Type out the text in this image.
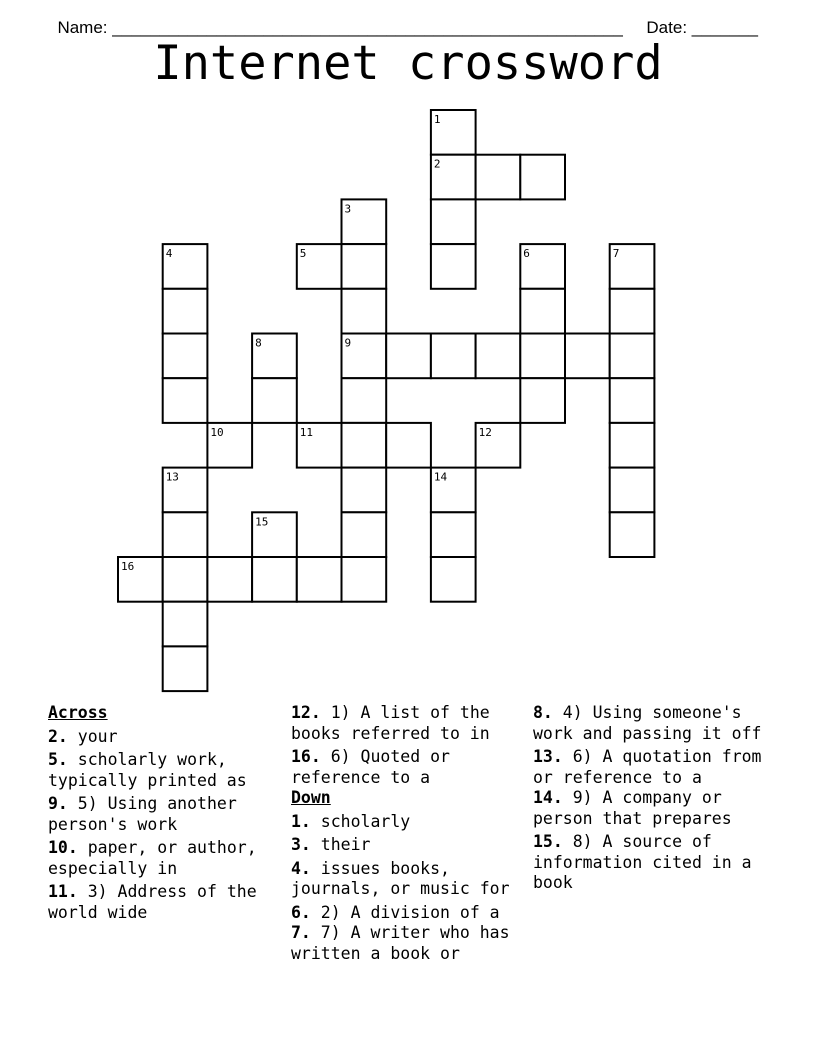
Name: ______________________________________________________     Date: _______

Internet crossword
1
2
3
4	5	6	7
8	9
10	11	12
13	14
15
16
Across
2. your
5. scholarly work, typically printed as
9. 5) Using another person's work
10. paper, or author, especially in
11. 3) Address of the world wide
12. 1) A list of the books referred to in
16. 6) Quoted or reference to a
Down
1. scholarly
3. their
4. issues books, journals, or music for
6. 2) A division of a
7. 7) A writer who has written a book or
8. 4) Using someone's work and passing it off
13. 6) A quotation from or reference to a
14. 9) A company or person that prepares
15. 8) A source of information cited in a book
